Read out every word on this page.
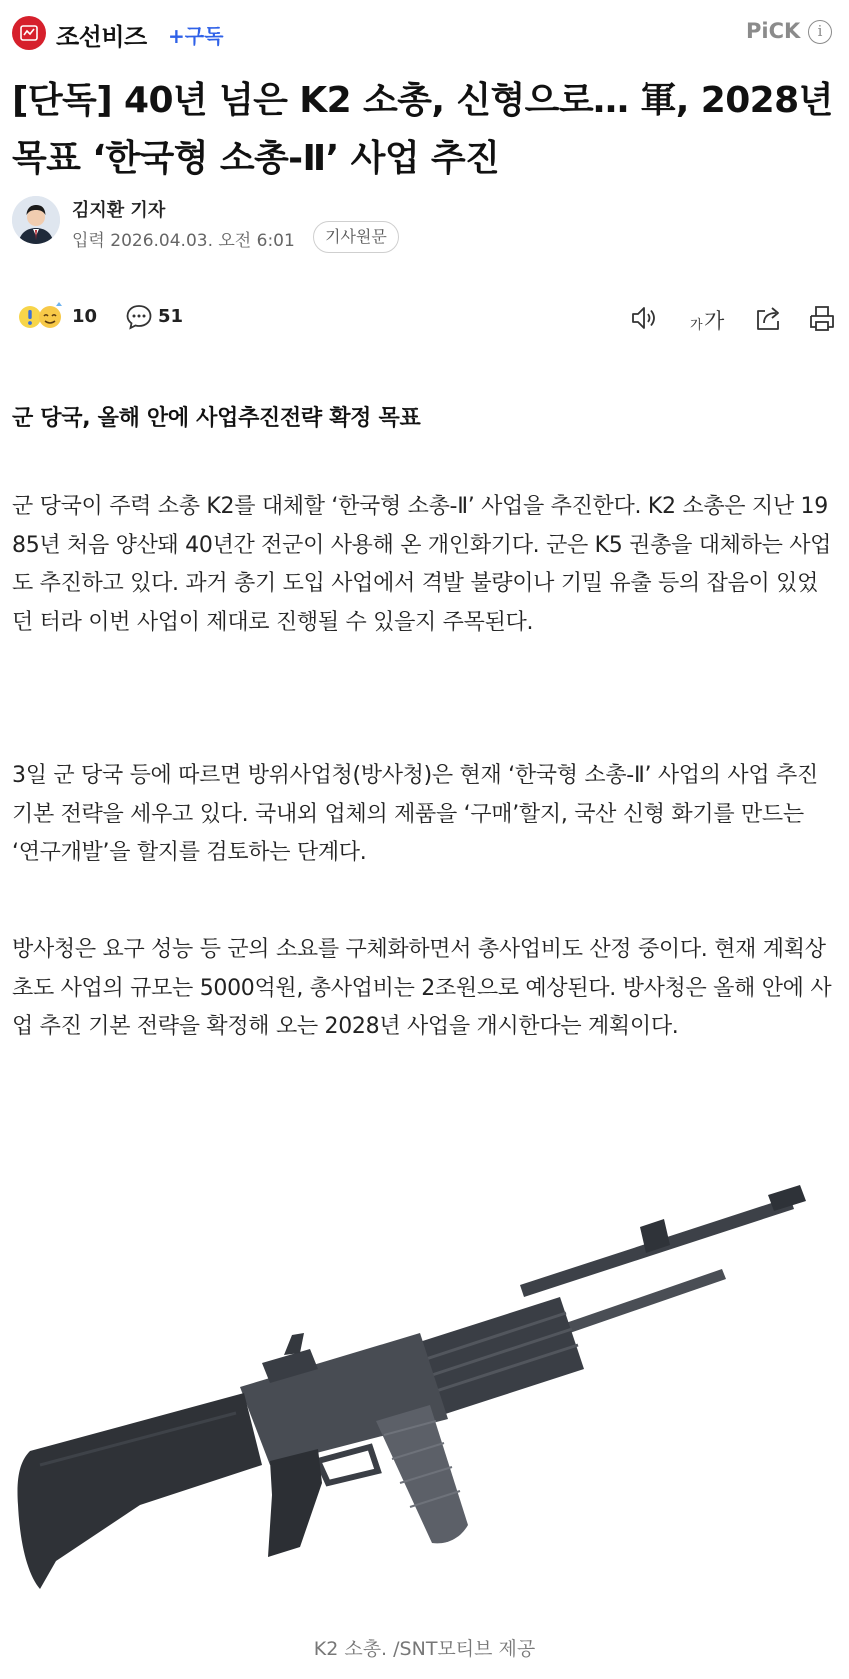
조선비즈 +구독	PiCK	i
[단독] 40년 넘은 K2 소총, 신형으로… 軍, 2028년 목표 ‘한국형 소총-Ⅱ’ 사업 추진
김지환 기자
입력 2026.04.03. 오전 6:01	기사원문
10	51	가 가
군 당국, 올해 안에 사업추진전략 확정 목표

군 당국이 주력 소총 K2를 대체할 ‘한국형 소총-Ⅱ’ 사업을 추진한다. K2 소총은 지난 1985년 처음 양산돼 40년간 전군이 사용해 온 개인화기다. 군은 K5 권총을 대체하는 사업도 추진하고 있다. 과거 총기 도입 사업에서 격발 불량이나 기밀 유출 등의 잡음이 있었던 터라 이번 사업이 제대로 진행될 수 있을지 주목된다.

3일 군 당국 등에 따르면 방위사업청(방사청)은 현재 ‘한국형 소총-Ⅱ’ 사업의 사업 추진 기본 전략을 세우고 있다. 국내외 업체의 제품을 ‘구매’할지, 국산 신형 화기를 만드는 ‘연구개발’을 할지를 검토하는 단계다.

방사청은 요구 성능 등 군의 소요를 구체화하면서 총사업비도 산정 중이다. 현재 계획상 초도 사업의 규모는 5000억원, 총사업비는 2조원으로 예상된다. 방사청은 올해 안에 사업 추진 기본 전략을 확정해 오는 2028년 사업을 개시한다는 계획이다.

K2 소총. /SNT모티브 제공
